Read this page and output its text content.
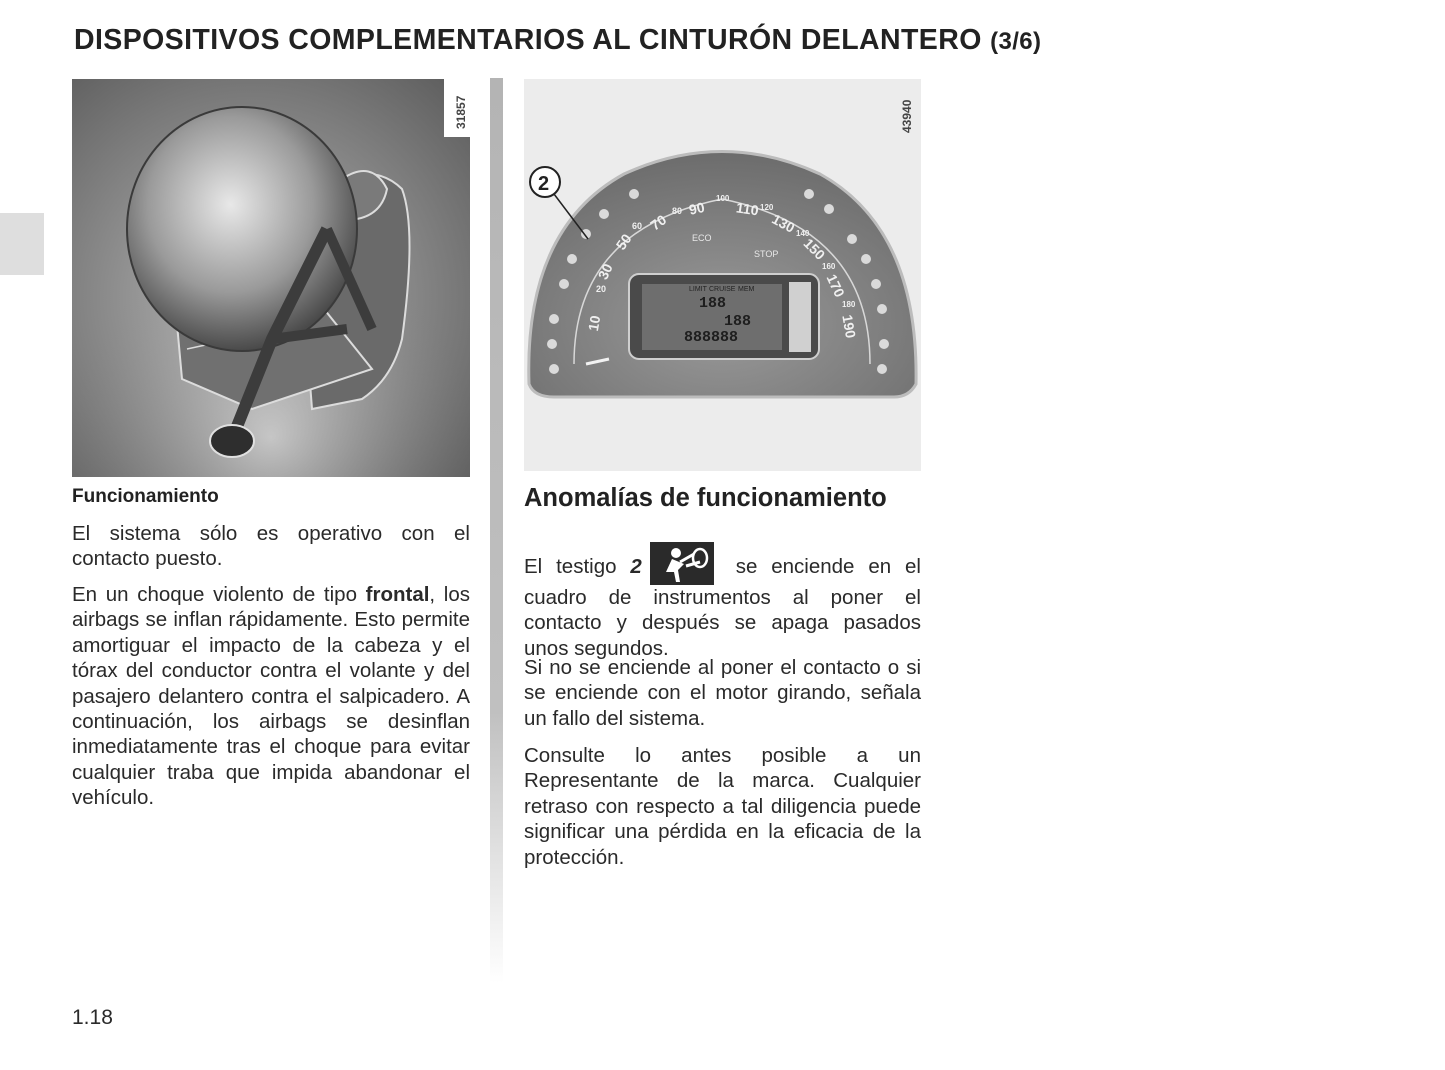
DISPOSITIVOS COMPLEMENTARIOS AL CINTURÓN DELANTERO (3/6)
31857
188
188
888888
LIMIT CRUISE MEM
10
20
30
50
60 70
80 90
100
110 120
130
140
150
160
170
180
190
ECO
STOP
2
43940
Funcionamiento

El sistema sólo es operativo con el contacto puesto.

En un choque violento de tipo frontal, los airbags se inflan rápidamente. Esto permite amortiguar el impacto de la cabeza y el tórax del conductor contra el volante y del pasajero delantero contra el salpicadero. A continuación, los airbags se desinflan inmediatamente tras el choque para evitar cualquier traba que impida abandonar el vehículo.

Anomalías de funcionamiento

El testigo 2	se enciende en el cuadro de instrumentos al poner el contacto y después se apaga pasados unos segundos.

Si no se enciende al poner el contacto o si se enciende con el motor girando, señala un fallo del sistema.

Consulte lo antes posible a un Representante de la marca. Cualquier retraso con respecto a tal diligencia puede significar una pérdida en la eficacia de la protección.

1.18
